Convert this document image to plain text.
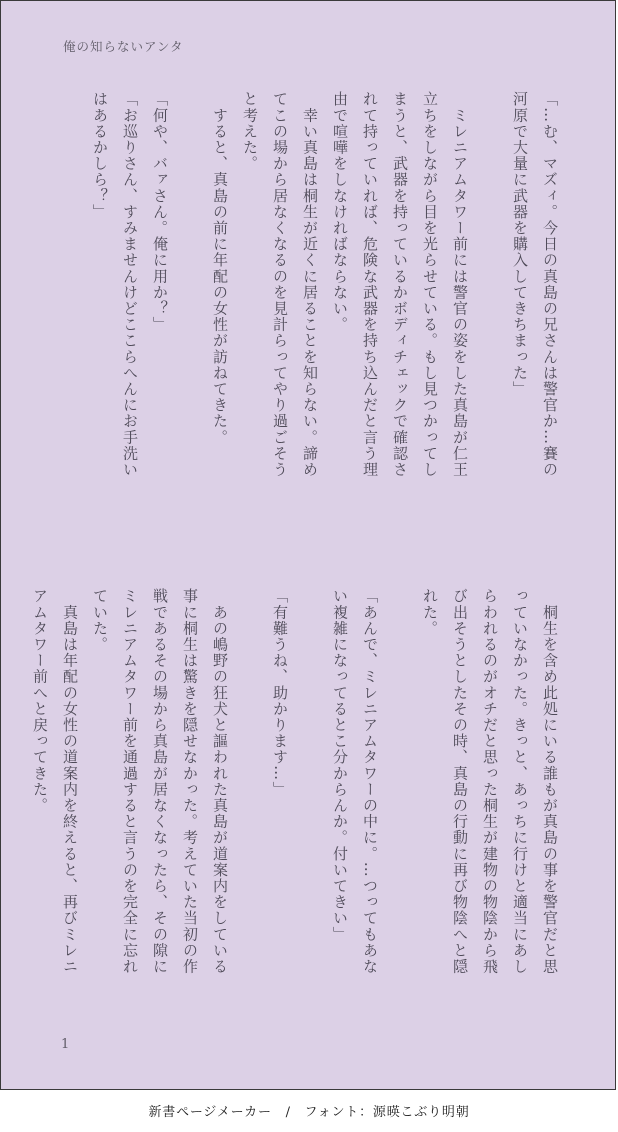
俺の知らないアンタ
「…む、マズィ。今日の真島の兄さんは警官か…賽の
河原で大量に武器を購入してきちまった」

　ミレニアムタワー前には警官の姿をした真島が仁王
立ちをしながら目を光らせている。もし見つかってし
まうと、武器を持っているかボディチェックで確認さ
れて持っていれば、危険な武器を持ち込んだと言う理
由で喧嘩をしなければならない。
　幸い真島は桐生が近くに居ることを知らない。諦め
てこの場から居なくなるのを見計らってやり過ごそう
と考えた。
　すると、真島の前に年配の女性が訪ねてきた。

「何や、バァさん。俺に用か？」
「お巡りさん、すみませんけどここらへんにお手洗い
はあるかしら？」
　桐生を含め此処にいる誰もが真島の事を警官だと思
っていなかった。きっと、あっちに行けと適当にあし
らわれるのがオチだと思った桐生が建物の物陰から飛
び出そうとしたその時、真島の行動に再び物陰へと隠
れた。

「あんで、ミレニアムタワーの中に。…つってもあな
い複雑になってるとこ分からんか。付いてきい」

「有難うね、助かります…」

　あの嶋野の狂犬と謳われた真島が道案内をしている
事に桐生は驚きを隠せなかった。考えていた当初の作
戦であるその場から真島が居なくなったら、その隙に
ミレニアムタワー前を通過すると言うのを完全に忘れ
ていた。
　真島は年配の女性の道案内を終えると、再びミレニ
アムタワー前へと戻ってきた。
1
新書ページメーカー　/　フォント：源暎こぶり明朝
